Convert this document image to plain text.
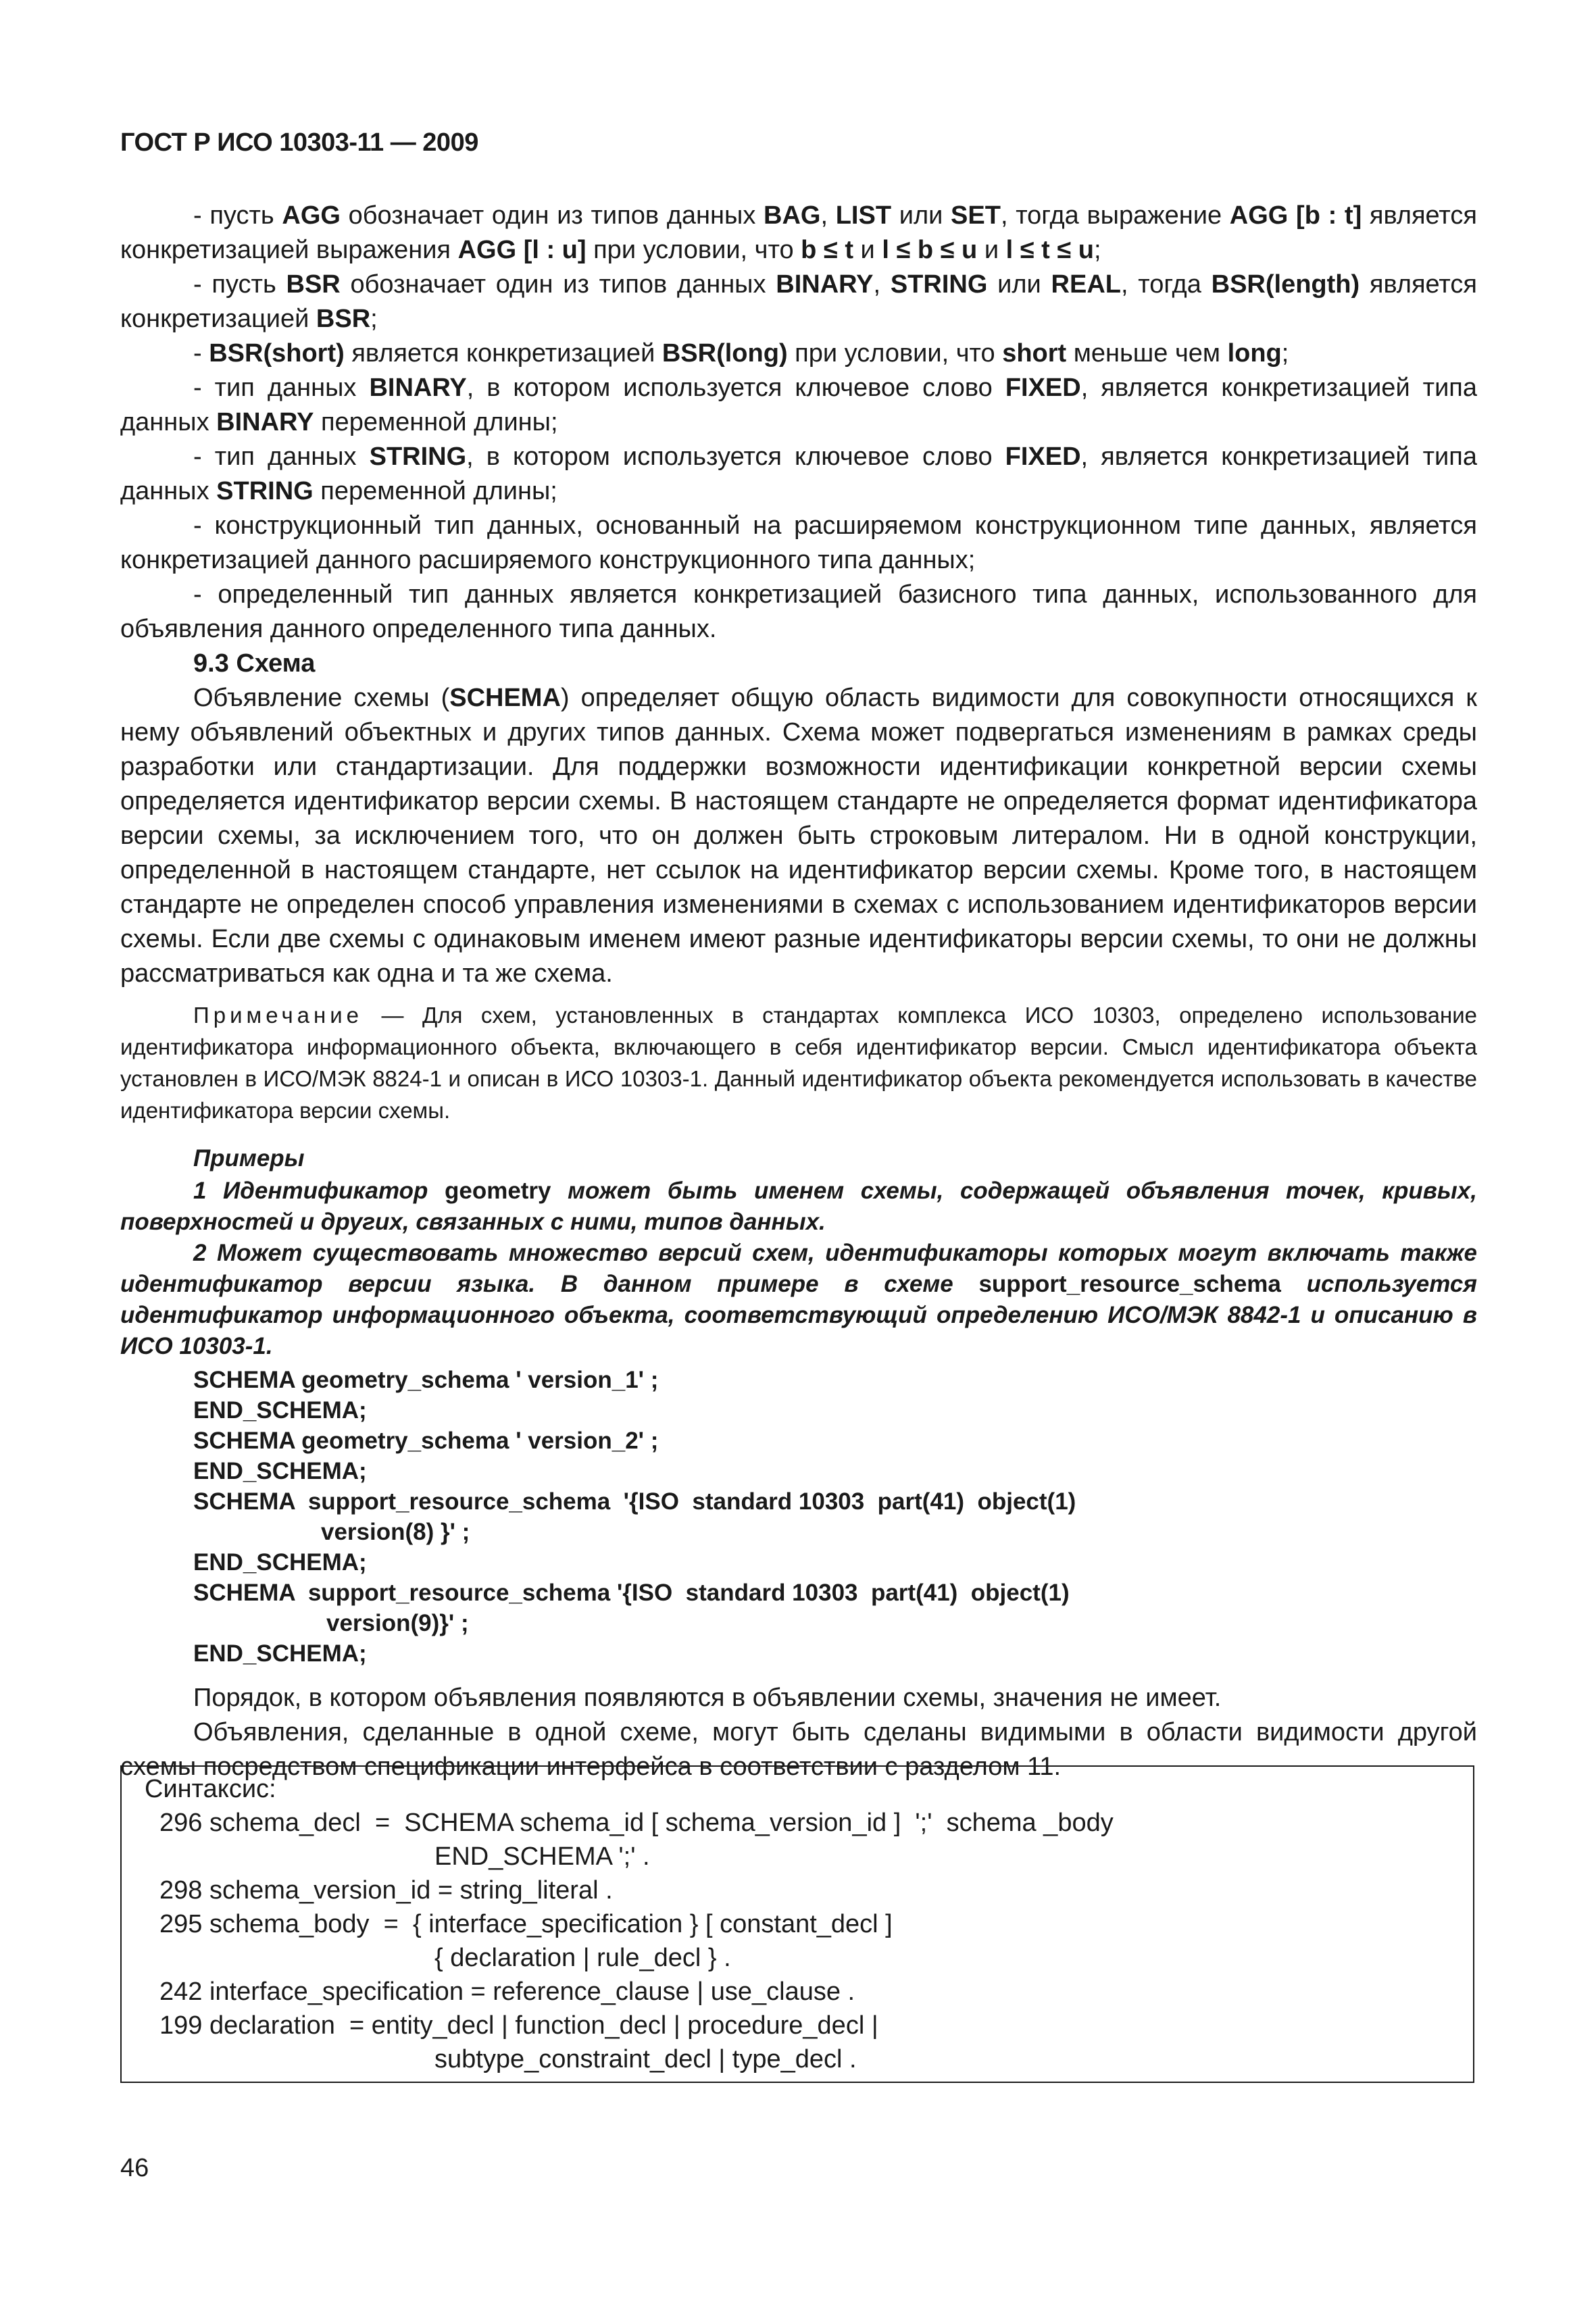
ГОСТ Р ИСО 10303-11 — 2009

- пусть AGG обозначает один из типов данных BAG, LIST или SET, тогда выражение AGG [b : t] является конкретизацией выражения AGG [l : u] при условии, что b ≤ t и l ≤ b ≤ u и l ≤ t ≤ u;

- пусть BSR обозначает один из типов данных BINARY, STRING или REAL, тогда BSR(length) является конкретизацией BSR;

- BSR(short) является конкретизацией BSR(long) при условии, что short меньше чем long;

- тип данных BINARY, в котором используется ключевое слово FIXED, является конкретизацией типа данных BINARY переменной длины;

- тип данных STRING, в котором используется ключевое слово FIXED, является конкретизацией типа данных STRING переменной длины;

- конструкционный тип данных, основанный на расширяемом конструкционном типе данных, является конкретизацией данного расширяемого конструкционного типа данных;

- определенный тип данных является конкретизацией базисного типа данных, использованного для объявления данного определенного типа данных.

9.3 Схема

Объявление схемы (SCHEMA) определяет общую область видимости для совокупности относящихся к нему объявлений объектных и других типов данных. Схема может подвергаться изменениям в рамках среды разработки или стандартизации. Для поддержки возможности идентификации конкретной версии схемы определяется идентификатор версии схемы. В настоящем стандарте не определяется формат идентификатора версии схемы, за исключением того, что он должен быть строковым литералом. Ни в одной конструкции, определенной в настоящем стандарте, нет ссылок на идентификатор версии схемы. Кроме того, в настоящем стандарте не определен способ управления изменениями в схемах с использованием идентификаторов версии схемы. Если две схемы с одинаковым именем имеют разные идентификаторы версии схемы, то они не должны рассматриваться как одна и та же схема.

Примечание — Для схем, установленных в стандартах комплекса ИСО 10303, определено использование идентификатора информационного объекта, включающего в себя идентификатор версии. Смысл идентификатора объекта установлен в ИСО/МЭК 8824-1 и описан в ИСО 10303-1. Данный идентификатор объекта рекомендуется использовать в качестве идентификатора версии схемы.

Примеры

1 Идентификатор geometry может быть именем схемы, содержащей объявления точек, кривых, поверхностей и других, связанных с ними, типов данных.

2 Может существовать множество версий схем, идентификаторы которых могут включать также идентификатор версии языка. В данном примере в схеме support_resource_schema используется идентификатор информационного объекта, соответствующий определению ИСО/МЭК 8842-1 и описанию в ИСО 10303-1.

SCHEMA geometry_schema ' version_1' ;
END_SCHEMA;
SCHEMA geometry_schema ' version_2' ;
END_SCHEMA;
SCHEMA  support_resource_schema  '{ISO  standard 10303  part(41)  object(1)
version(8) }' ;
END_SCHEMA;
SCHEMA  support_resource_schema '{ISO  standard 10303  part(41)  object(1)
version(9)}' ;
END_SCHEMA;

Порядок, в котором объявления появляются в объявлении схемы, значения не имеет.

Объявления, сделанные в одной схеме, могут быть сделаны видимыми в области видимости другой схемы посредством спецификации интерфейса в соответствии с разделом 11.

Синтаксис:
296 schema_decl  =  SCHEMA schema_id [ schema_version_id ]  ';'  schema _body
END_SCHEMA ';' .
298 schema_version_id = string_literal .
295 schema_body  =  { interface_specification } [ constant_decl ]
{ declaration | rule_decl } .
242 interface_specification = reference_clause | use_clause .
199 declaration  = entity_decl | function_decl | procedure_decl |
subtype_constraint_decl | type_decl .
46
